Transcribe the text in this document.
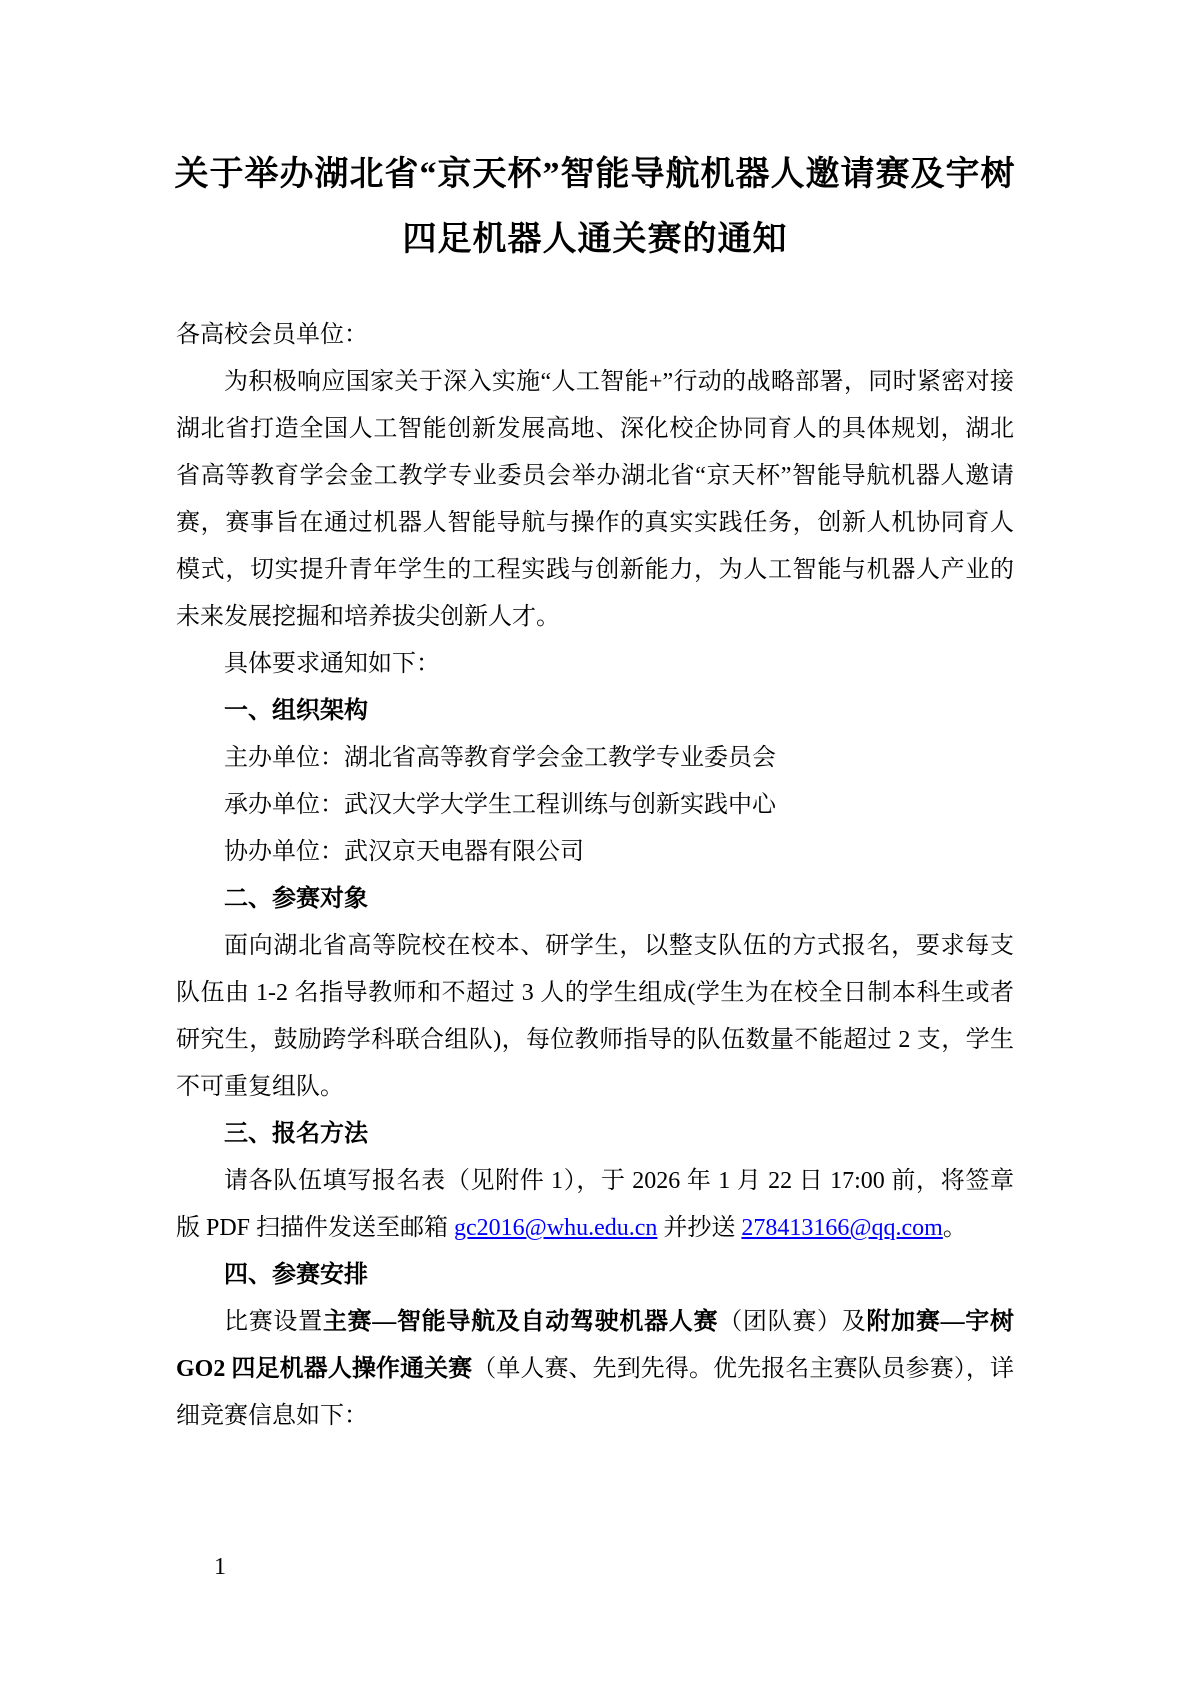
关于举办湖北省“京天杯”智能导航机器人邀请赛及宇树
四足机器人通关赛的通知

各高校会员单位：

为积极响应国家关于深入实施“人工智能+”行动的战略部署，同时紧密对接湖北省打造全国人工智能创新发展高地、深化校企协同育人的具体规划，湖北省高等教育学会金工教学专业委员会举办湖北省“京天杯”智能导航机器人邀请赛，赛事旨在通过机器人智能导航与操作的真实实践任务，创新人机协同育人模式，切实提升青年学生的工程实践与创新能力，为人工智能与机器人产业的未来发展挖掘和培养拔尖创新人才。

具体要求通知如下：

一、组织架构

主办单位：湖北省高等教育学会金工教学专业委员会

承办单位：武汉大学大学生工程训练与创新实践中心

协办单位：武汉京天电器有限公司

二、参赛对象

面向湖北省高等院校在校本、研学生，以整支队伍的方式报名，要求每支队伍由 1-2 名指导教师和不超过 3 人的学生组成(学生为在校全日制本科生或者研究生，鼓励跨学科联合组队)，每位教师指导的队伍数量不能超过 2 支，学生不可重复组队。

三、报名方法

请各队伍填写报名表（见附件 1），于 2026 年 1 月 22 日 17:00 前，将签章版 PDF 扫描件发送至邮箱 gc2016@whu.edu.cn 并抄送 278413166@qq.com。

四、参赛安排

比赛设置主赛—智能导航及自动驾驶机器人赛（团队赛）及附加赛—宇树GO2 四足机器人操作通关赛（单人赛、先到先得。优先报名主赛队员参赛），详细竞赛信息如下：

1
